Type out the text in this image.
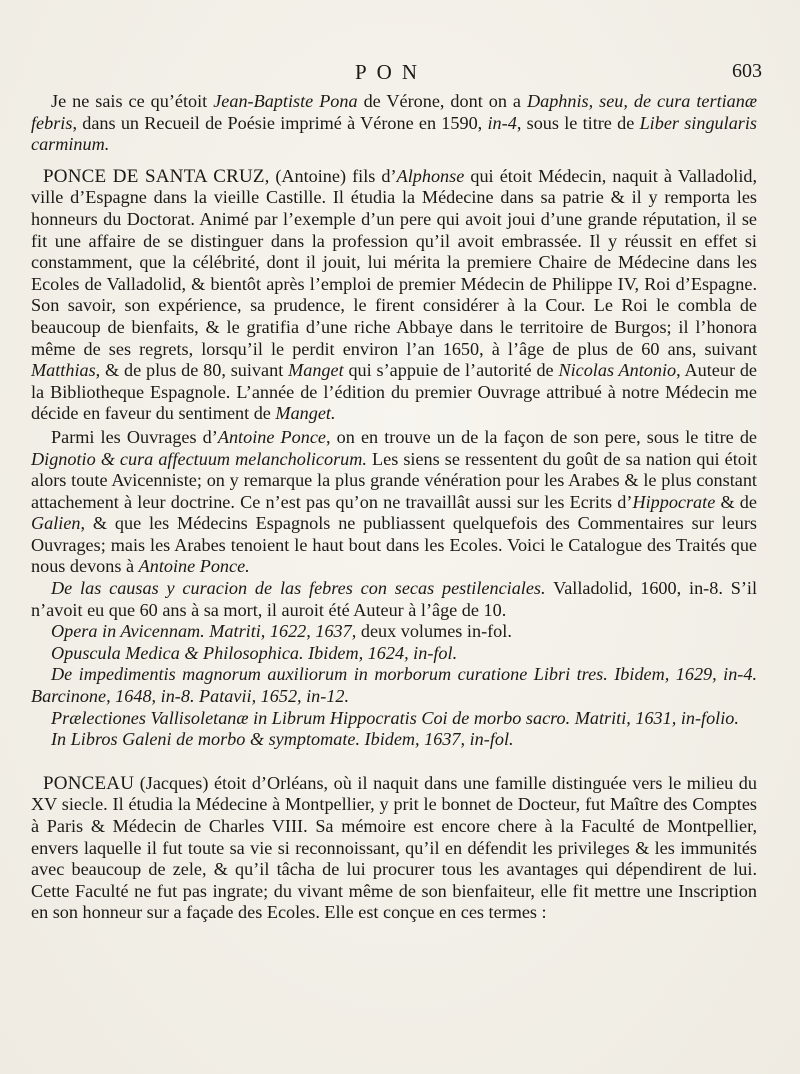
PON	603

Je ne sais ce qu’étoit Jean-Baptiste Pona de Vérone, dont on a Daphnis, seu, de cura tertianæ febris, dans un Recueil de Poésie imprimé à Vérone en 1590, in-4, sous le titre de Liber singularis carminum.

PONCE DE SANTA CRUZ, (Antoine) fils d’Alphonse qui étoit Médecin, naquit à Valladolid, ville d’Espagne dans la vieille Castille. Il étudia la Médecine dans sa patrie & il y remporta les honneurs du Doctorat. Animé par l’exemple d’un pere qui avoit joui d’une grande réputation, il se fit une affaire de se distinguer dans la profession qu’il avoit embrassée. Il y réussit en effet si constamment, que la célébrité, dont il jouit, lui mérita la premiere Chaire de Médecine dans les Ecoles de Valladolid, & bientôt après l’emploi de premier Médecin de Philippe IV, Roi d’Espagne. Son savoir, son expérience, sa prudence, le firent considérer à la Cour. Le Roi le combla de beaucoup de bienfaits, & le gratifia d’une riche Abbaye dans le territoire de Burgos; il l’honora même de ses regrets, lorsqu’il le perdit environ l’an 1650, à l’âge de plus de 60 ans, suivant Matthias, & de plus de 80, suivant Manget qui s’appuie de l’autorité de Nicolas Antonio, Auteur de la Bibliotheque Espagnole. L’année de l’édition du premier Ouvrage attribué à notre Médecin me décide en faveur du sentiment de Manget.

Parmi les Ouvrages d’Antoine Ponce, on en trouve un de la façon de son pere, sous le titre de Dignotio & cura affectuum melancholicorum. Les siens se ressentent du goût de sa nation qui étoit alors toute Avicenniste; on y remarque la plus grande vénération pour les Arabes & le plus constant attachement à leur doctrine. Ce n’est pas qu’on ne travaillât aussi sur les Ecrits d’Hippocrate & de Galien, & que les Médecins Espagnols ne publiassent quelquefois des Commentaires sur leurs Ouvrages; mais les Arabes tenoient le haut bout dans les Ecoles. Voici le Catalogue des Traités que nous devons à Antoine Ponce.

De las causas y curacion de las febres con secas pestilenciales. Valladolid, 1600, in-8. S’il n’avoit eu que 60 ans à sa mort, il auroit été Auteur à l’âge de 10.

Opera in Avicennam. Matriti, 1622, 1637, deux volumes in-fol.

Opuscula Medica & Philosophica. Ibidem, 1624, in-fol.

De impedimentis magnorum auxiliorum in morborum curatione Libri tres. Ibidem, 1629, in-4. Barcinone, 1648, in-8. Patavii, 1652, in-12.

Prælectiones Vallisoletanæ in Librum Hippocratis Coi de morbo sacro. Matriti, 1631, in-folio.

In Libros Galeni de morbo & symptomate. Ibidem, 1637, in-fol.

PONCEAU (Jacques) étoit d’Orléans, où il naquit dans une famille distinguée vers le milieu du XV siecle. Il étudia la Médecine à Montpellier, y prit le bonnet de Docteur, fut Maître des Comptes à Paris & Médecin de Charles VIII. Sa mémoire est encore chere à la Faculté de Montpellier, envers laquelle il fut toute sa vie si reconnoissant, qu’il en défendit les privileges & les immunités avec beaucoup de zele, & qu’il tâcha de lui procurer tous les avantages qui dépendirent de lui. Cette Faculté ne fut pas ingrate; du vivant même de son bienfaiteur, elle fit mettre une Inscription en son honneur sur a façade des Ecoles. Elle est conçue en ces termes :
